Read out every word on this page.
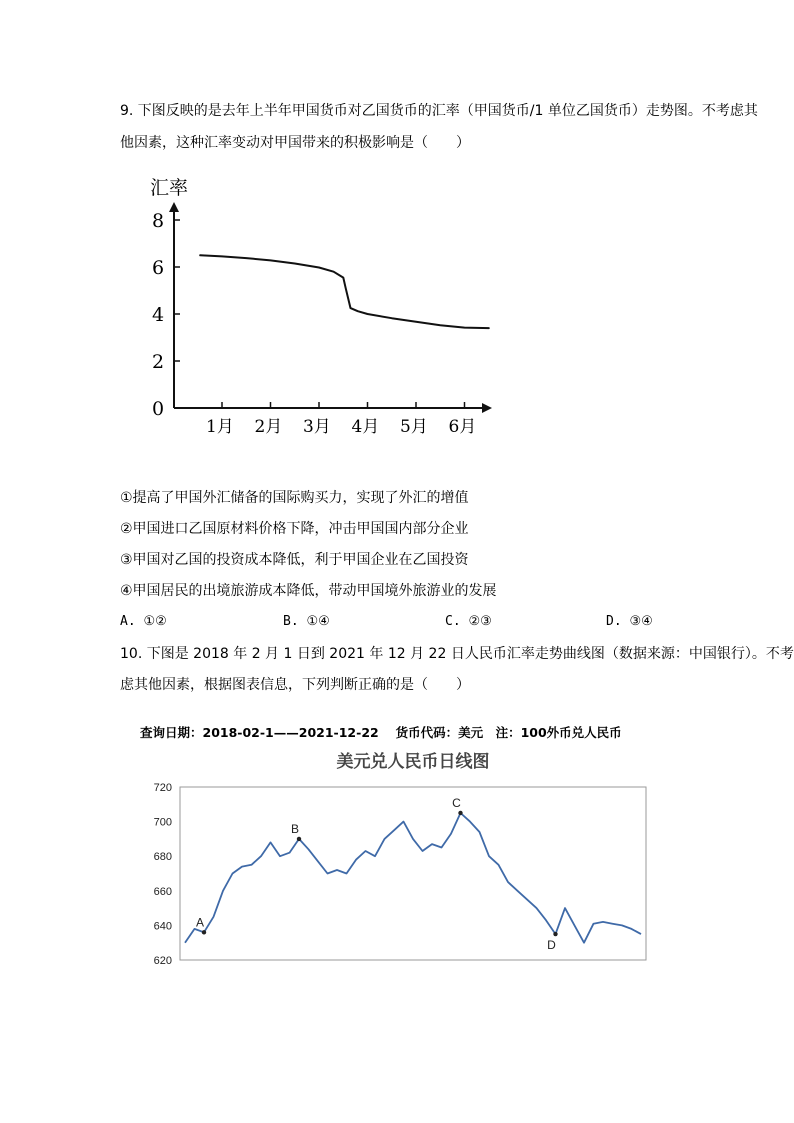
9. 下图反映的是去年上半年甲国货币对乙国货币的汇率（甲国货币/1 单位乙国货币）走势图。不考虑其
他因素，这种汇率变动对甲国带来的积极影响是（　　）
汇率
0
2
4
6
8
1月 2月 3月 4月 5月 6月
①提高了甲国外汇储备的国际购买力，实现了外汇的增值
②甲国进口乙国原材料价格下降，冲击甲国国内部分企业
③甲国对乙国的投资成本降低，利于甲国企业在乙国投资
④甲国居民的出境旅游成本降低，带动甲国境外旅游业的发展
A. ①②	B. ①④	C. ②③	D. ③④
10. 下图是 2018 年 2 月 1 日到 2021 年 12 月 22 日人民币汇率走势曲线图（数据来源：中国银行）。不考
虑其他因素，根据图表信息，下列判断正确的是（　　）
查询日期：2018-02-1——2021-12-22　 货币代码：美元　注：100外币兑人民币
美元兑人民币日线图
620
640
660
680
700
720
A
B
C
D
